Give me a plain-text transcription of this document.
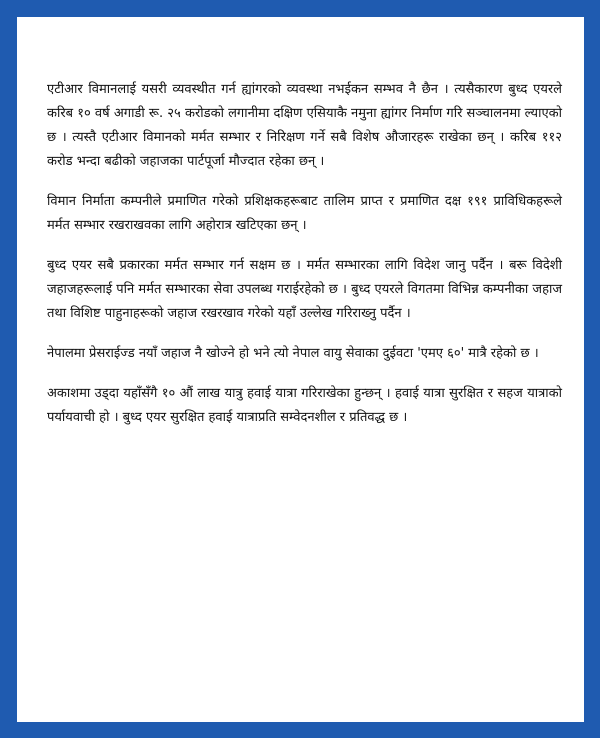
एटीआर विमानलाई यसरी व्यवस्थीत गर्न ह्यांगरको व्यवस्था नभईकन सम्भव नै छैन । त्यसैकारण बुध्द एयरले करिब १० वर्ष अगाडी रू. २५ करोडको लगानीमा दक्षिण एसियाकै नमुना ह्यांगर निर्माण गरि सञ्चालनमा ल्याएको छ । त्यस्तै एटीआर विमानको मर्मत सम्भार र निरिक्षण गर्ने सबै विशेष औजारहरू राखेका छन् । करिब ११२ करोड भन्दा बढीको जहाजका पार्टपूर्जा मौज्दात रहेका छन् ।

विमान निर्माता कम्पनीले प्रमाणित गरेको प्रशिक्षकहरूबाट तालिम प्राप्त र प्रमाणित दक्ष १९१ प्राविधिकहरूले मर्मत सम्भार रखराखवका लागि अहोरात्र खटिएका छन् ।

बुध्द एयर सबै प्रकारका मर्मत सम्भार गर्न सक्षम छ । मर्मत सम्भारका लागि विदेश जानु पर्दैन । बरू विदेशी जहाजहरूलाई पनि मर्मत सम्भारका सेवा उपलब्ध गराईरहेको छ । बुध्द एयरले विगतमा विभिन्न कम्पनीका जहाज तथा विशिष्ट पाहुनाहरूको जहाज रखरखाव गरेको यहाँ उल्लेख गरिराख्नु पर्दैन ।

नेपालमा प्रेसराईज्ड नयाँ जहाज नै खोज्ने हो भने त्यो नेपाल वायु सेवाका दुईवटा 'एमए ६०' मात्रै रहेको छ ।

अकाशमा उड्दा यहाँसँगै १० औं लाख यात्रु हवाई यात्रा गरिराखेका हुन्छन् । हवाई यात्रा सुरक्षित र सहज यात्राको पर्यायवाची हो । बुध्द एयर सुरक्षित हवाई यात्राप्रति सम्वेदनशील र प्रतिवद्ध छ ।
